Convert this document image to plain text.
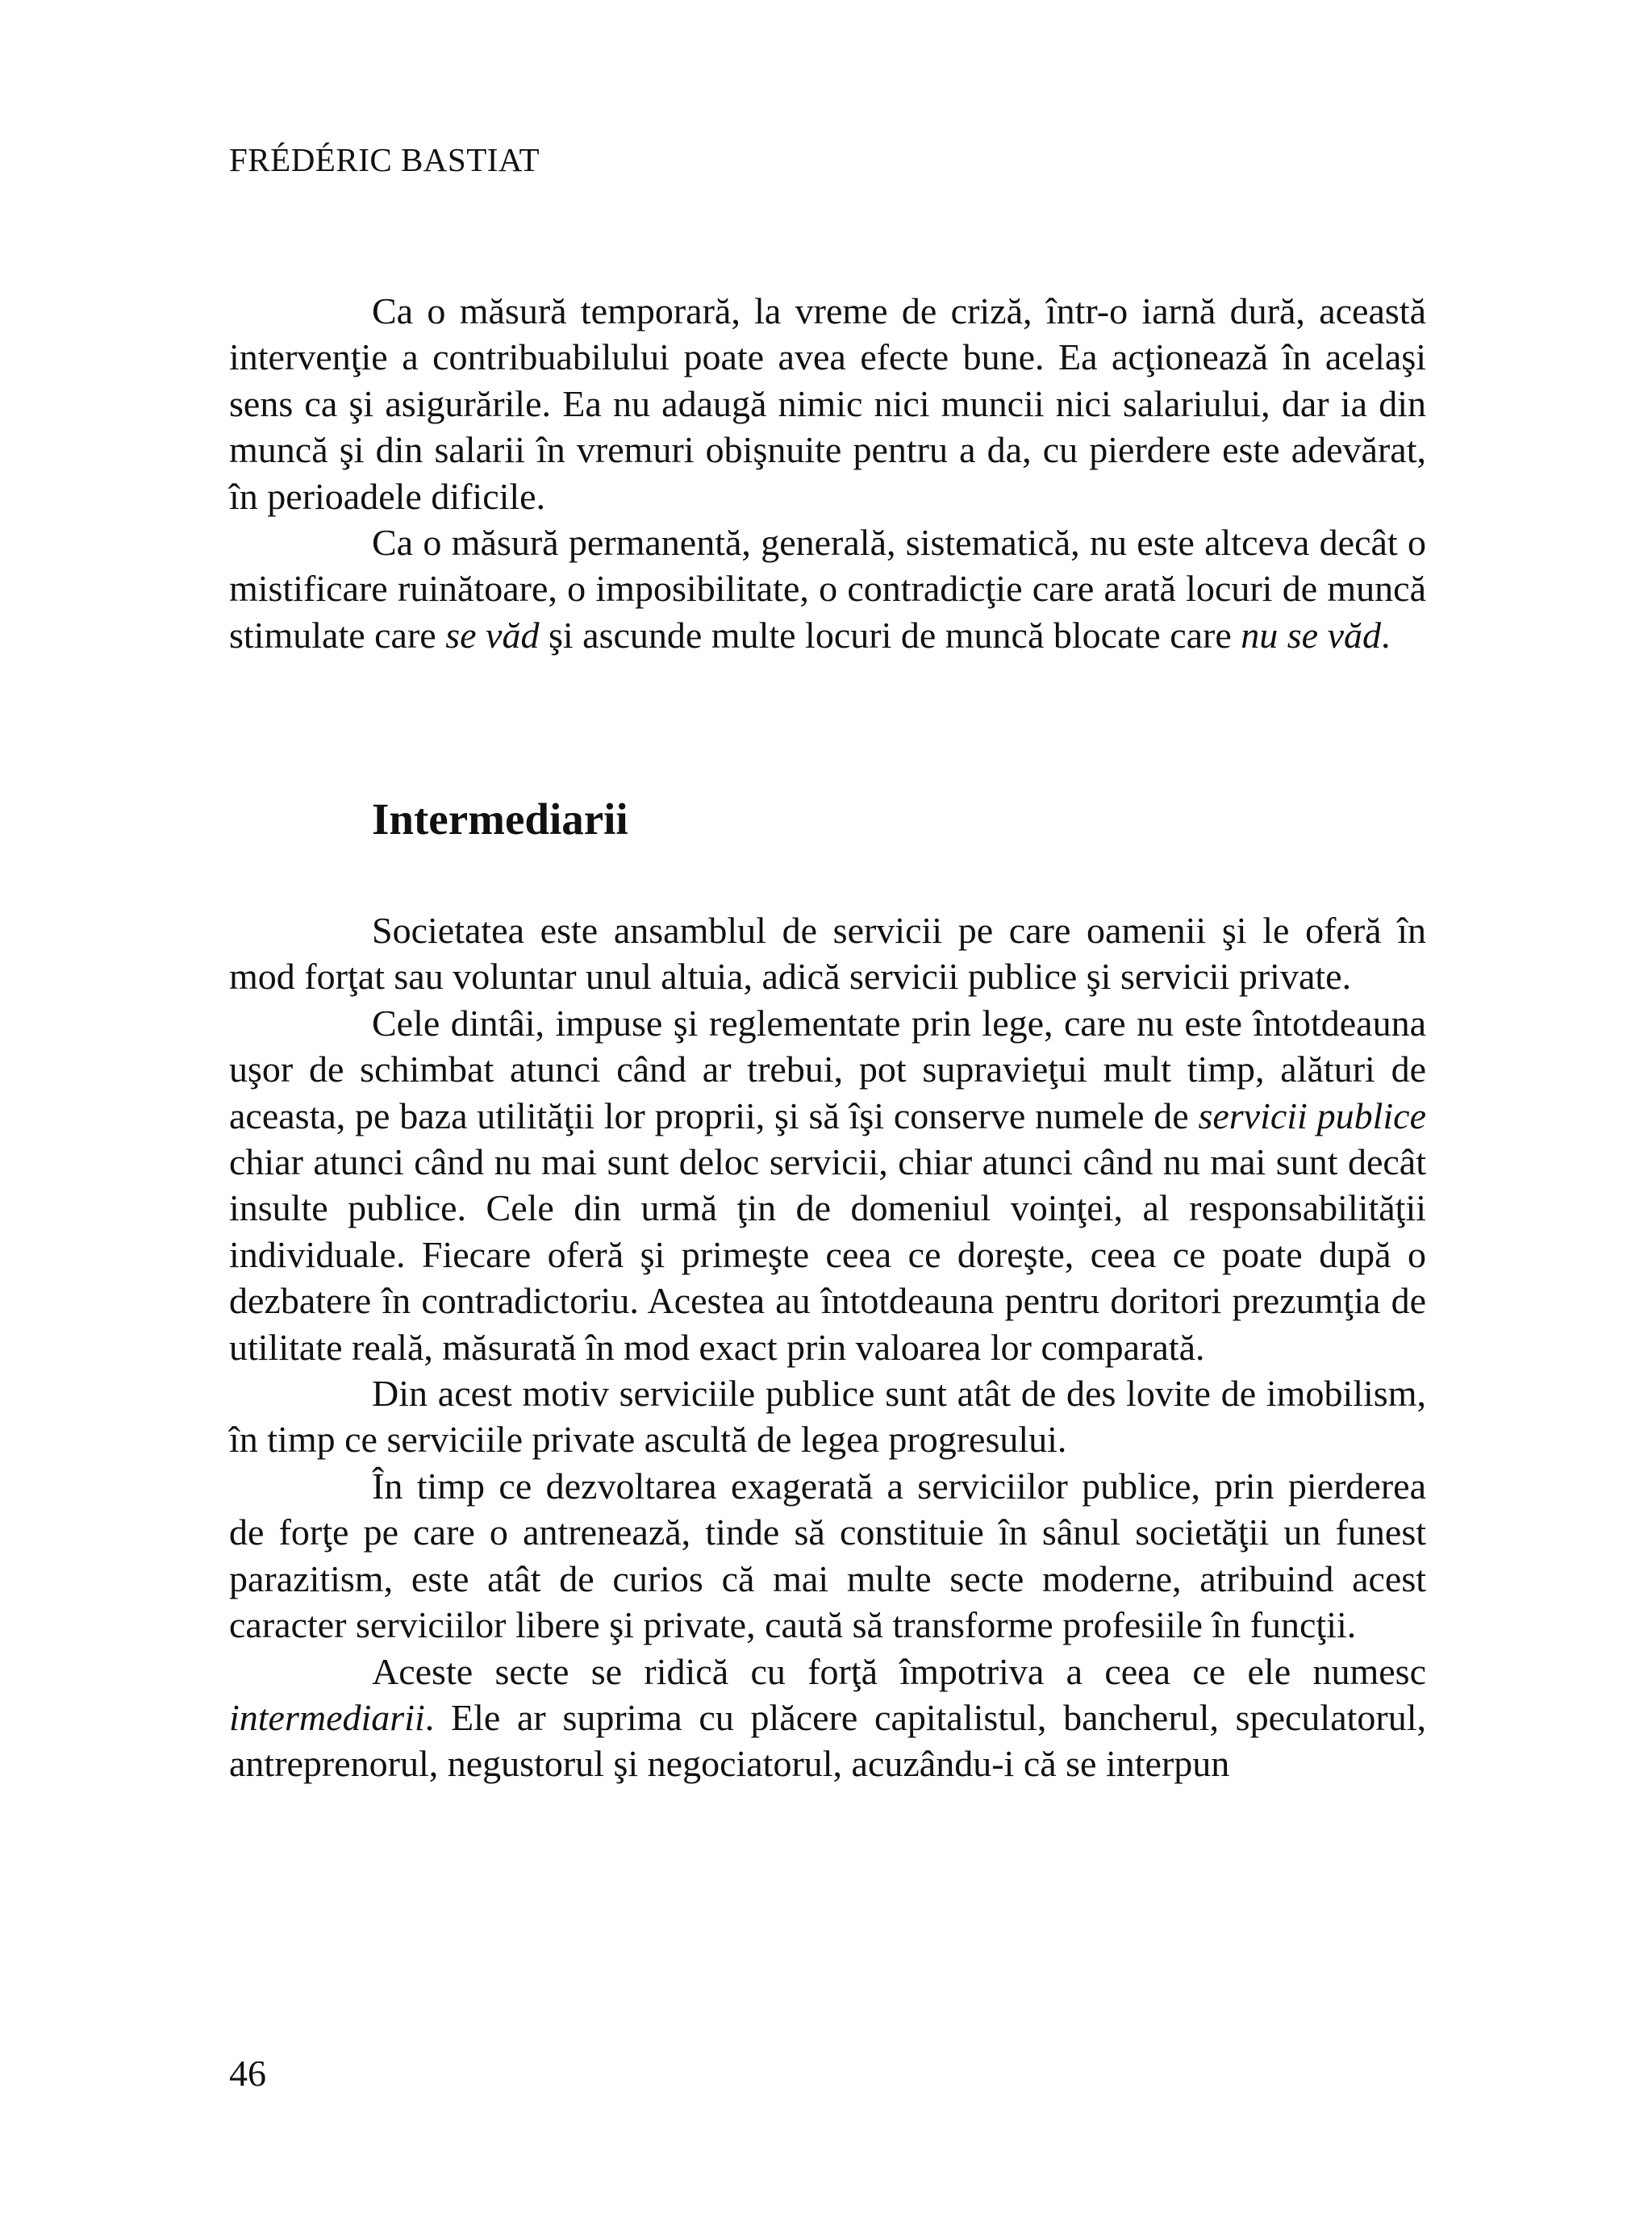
FRÉDÉRIC BASTIAT

Ca o măsură temporară, la vreme de criză, într-o iarnă dură, această intervenţie a contribuabilului poate avea efecte bune. Ea acţionează în acelaşi sens ca şi asigurările. Ea nu adaugă nimic nici muncii nici salariului, dar ia din muncă şi din salarii în vremuri obişnuite pentru a da, cu pierdere este adevărat, în perioadele dificile.

Ca o măsură permanentă, generală, sistematică, nu este altceva decât o mistificare ruinătoare, o imposibilitate, o contradicţie care arată locuri de muncă stimulate care se văd şi ascunde multe locuri de muncă blocate care nu se văd.

Intermediarii

Societatea este ansamblul de servicii pe care oamenii şi le oferă în mod forţat sau voluntar unul altuia, adică servicii publice şi servicii private.

Cele dintâi, impuse şi reglementate prin lege, care nu este întotdeauna uşor de schimbat atunci când ar trebui, pot supravieţui mult timp, alături de aceasta, pe baza utilităţii lor proprii, şi să îşi conserve numele de servicii publice chiar atunci când nu mai sunt deloc servicii, chiar atunci când nu mai sunt decât insulte publice. Cele din urmă ţin de domeniul voinţei, al responsabilităţii individuale. Fiecare oferă şi primeşte ceea ce doreşte, ceea ce poate după o dezbatere în contradictoriu. Acestea au întotdeauna pentru doritori prezumţia de utilitate reală, măsurată în mod exact prin valoarea lor comparată.

Din acest motiv serviciile publice sunt atât de des lovite de imobilism, în timp ce serviciile private ascultă de legea progresului.

În timp ce dezvoltarea exagerată a serviciilor publice, prin pierderea de forţe pe care o antrenează, tinde să constituie în sânul societăţii un funest parazitism, este atât de curios că mai multe secte moderne, atribuind acest caracter serviciilor libere şi private, caută să transforme profesiile în funcţii.

Aceste secte se ridică cu forţă împotriva a ceea ce ele numesc intermediarii. Ele ar suprima cu plăcere capitalistul, bancherul, speculatorul, antreprenorul, negustorul şi negociatorul, acuzându-i că se interpun

46
